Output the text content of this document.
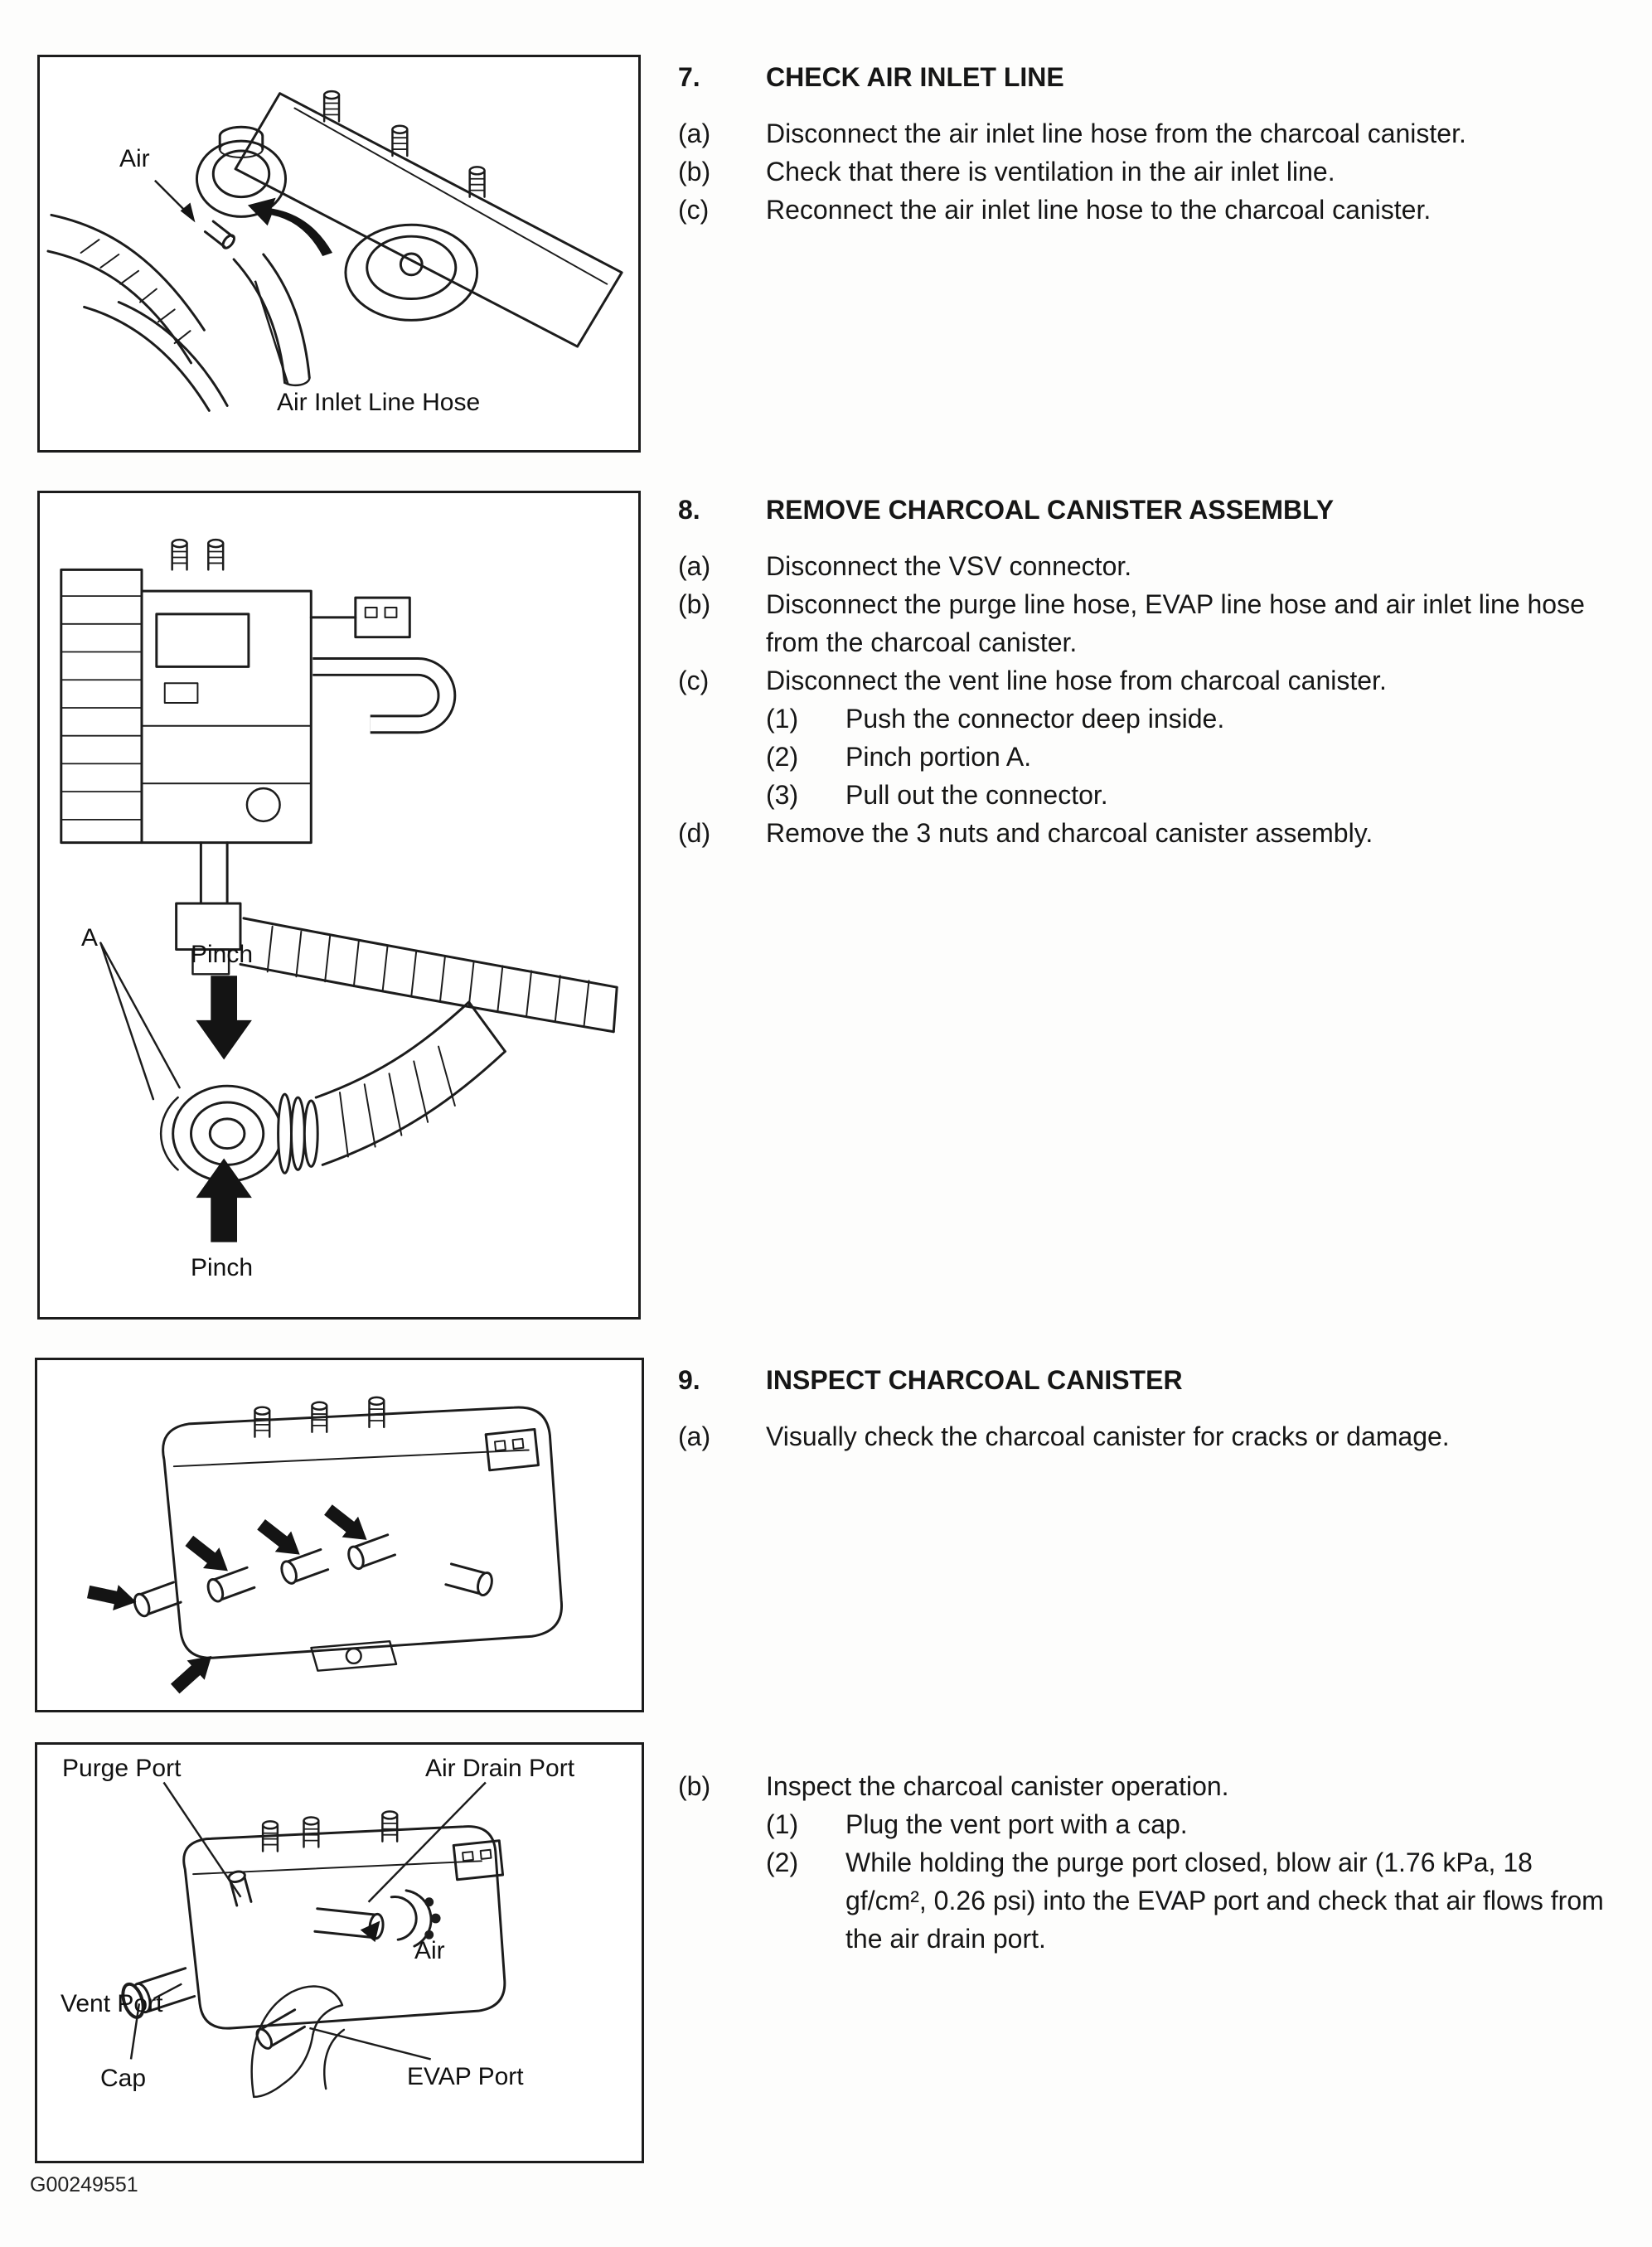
Air
Air Inlet Line Hose
A
Pinch
Pinch
Purge Port	Air Drain Port
Air
Vent Port
Cap	EVAP Port
G00249551
7.	CHECK AIR INLET LINE
(a)	Disconnect the air inlet line hose from the charcoal canister.
(b)	Check that there is ventilation in the air inlet line.
(c)	Reconnect the air inlet line hose to the charcoal canister.
8.	REMOVE CHARCOAL CANISTER ASSEMBLY
(a)	Disconnect the VSV connector.
(b)	Disconnect the purge line hose, EVAP line hose and air inlet line hose from the charcoal canister.
(c)	Disconnect the vent line hose from charcoal canister.
(1)	Push the connector deep inside.
(2)	Pinch portion A.
(3)	Pull out the connector.
(d)	Remove the 3 nuts and charcoal canister assembly.
9.	INSPECT CHARCOAL CANISTER
(a)	Visually check the charcoal canister for cracks or damage.
(b)	Inspect the charcoal canister operation.
(1)	Plug the vent port with a cap.
(2)	While holding the purge port closed, blow air (1.76 kPa, 18 gf/cm², 0.26 psi) into the EVAP port and check that air flows from the air drain port.
